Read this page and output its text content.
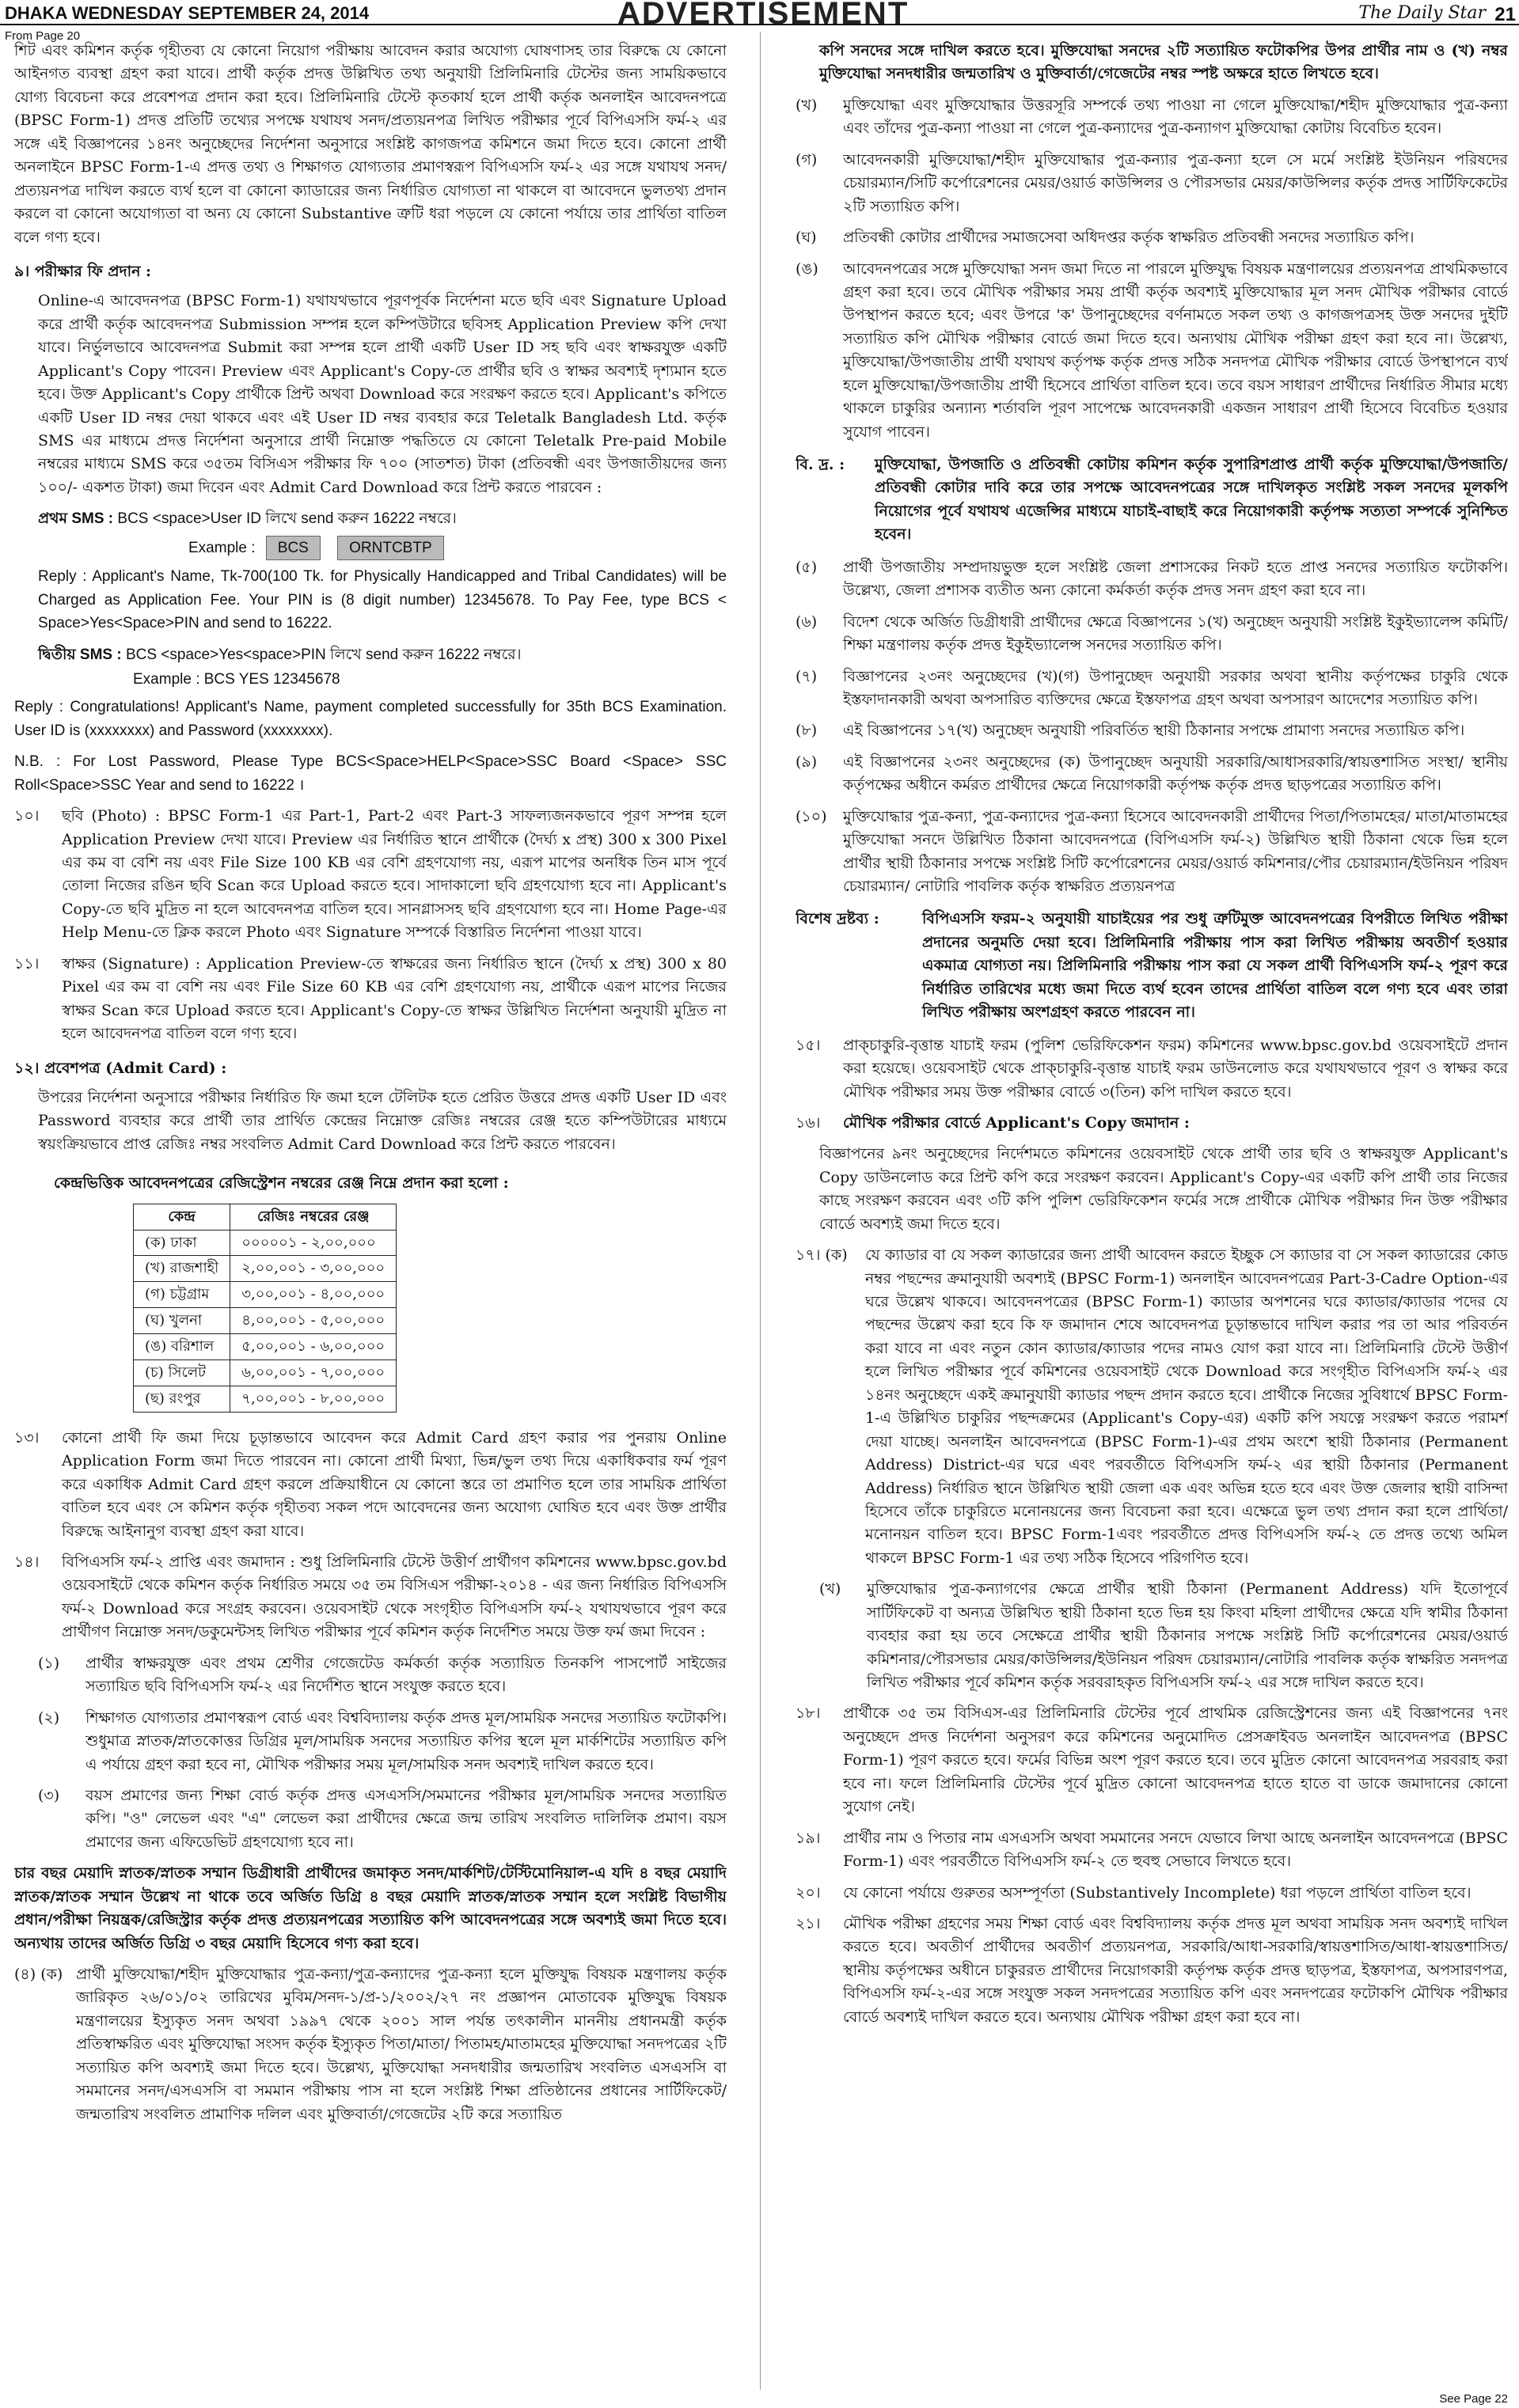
DHAKA WEDNESDAY SEPTEMBER 24, 2014	ADVERTISEMENT	The Daily Star 21
From Page 20

শিট এবং কমিশন কর্তৃক গৃহীতব্য যে কোনো নিয়োগ পরীক্ষায় আবেদন করার অযোগ্য ঘোষণাসহ তার বিরুদ্ধে যে কোনো আইনগত ব্যবস্থা গ্রহণ করা যাবে। প্রার্থী কর্তৃক প্রদত্ত উল্লিখিত তথ্য অনুযায়ী প্রিলিমিনারি টেস্টের জন্য সাময়িকভাবে যোগ্য বিবেচনা করে প্রবেশপত্র প্রদান করা হবে। প্রিলিমিনারি টেস্টে কৃতকার্য হলে প্রার্থী কর্তৃক অনলাইন আবেদনপত্রে (BPSC Form-1) প্রদত্ত প্রতিটি তথ্যের সপক্ষে যথাযথ সনদ/প্রত্যয়নপত্র লিখিত পরীক্ষার পূর্বে বিপিএসসি ফর্ম-২ এর সঙ্গে এই বিজ্ঞাপনের ১৪নং অনুচ্ছেদের নির্দেশনা অনুসারে সংশ্লিষ্ট কাগজপত্র কমিশনে জমা দিতে হবে। কোনো প্রার্থী অনলাইনে BPSC Form-1-এ প্রদত্ত তথ্য ও শিক্ষাগত যোগ্যতার প্রমাণস্বরূপ বিপিএসসি ফর্ম-২ এর সঙ্গে যথাযথ সনদ/প্রত্যয়নপত্র দাখিল করতে ব্যর্থ হলে বা কোনো ক্যাডারের জন্য নির্ধারিত যোগ্যতা না থাকলে বা আবেদনে ভুলতথ্য প্রদান করলে বা কোনো অযোগ্যতা বা অন্য যে কোনো Substantive ত্রুটি ধরা পড়লে যে কোনো পর্যায়ে তার প্রার্থিতা বাতিল বলে গণ্য হবে।

৯। পরীক্ষার ফি প্রদান :

Online-এ আবেদনপত্র (BPSC Form-1) যথাযথভাবে পূরণপূর্বক নির্দেশনা মতে ছবি এবং Signature Upload করে প্রার্থী কর্তৃক আবেদনপত্র Submission সম্পন্ন হলে কম্পিউটারে ছবিসহ Application Preview কপি দেখা যাবে। নির্ভুলভাবে আবেদনপত্র Submit করা সম্পন্ন হলে প্রার্থী একটি User ID সহ ছবি এবং স্বাক্ষরযুক্ত একটি Applicant's Copy পাবেন। Preview এবং Applicant's Copy-তে প্রার্থীর ছবি ও স্বাক্ষর অবশ্যই দৃশ্যমান হতে হবে। উক্ত Applicant's Copy প্রার্থীকে প্রিন্ট অথবা Download করে সংরক্ষণ করতে হবে। Applicant's কপিতে একটি User ID নম্বর দেয়া থাকবে এবং এই User ID নম্বর ব্যবহার করে Teletalk Bangladesh Ltd. কর্তৃক SMS এর মাধ্যমে প্রদত্ত নির্দেশনা অনুসারে প্রার্থী নিম্নোক্ত পদ্ধতিতে যে কোনো Teletalk Pre-paid Mobile নম্বরের মাধ্যমে SMS করে ৩৫তম বিসিএস পরীক্ষার ফি ৭০০ (সাতশত) টাকা (প্রতিবন্ধী এবং উপজাতীয়দের জন্য ১০০/- একশত টাকা) জমা দিবেন এবং Admit Card Download করে প্রিন্ট করতে পারবেন :

প্রথম SMS : BCS <space>User ID লিখে send করুন 16222 নম্বরে।
Example : BCS	ORNTCBTP

Reply : Applicant's Name, Tk-700(100 Tk. for Physically Handicapped and Tribal Candidates) will be Charged as Application Fee. Your PIN is (8 digit number) 12345678. To Pay Fee, type BCS < Space>Yes<Space>PIN and send to 16222.

দ্বিতীয় SMS : BCS <space>Yes<space>PIN লিখে send করুন 16222 নম্বরে।
Example : BCS YES 12345678

Reply : Congratulations! Applicant's Name, payment completed successfully for 35th BCS Examination. User ID is (xxxxxxxx) and Password (xxxxxxxx).

N.B. : For Lost Password, Please Type BCS<Space>HELP<Space>SSC Board <Space> SSC Roll<Space>SSC Year and send to 16222 ।

১০।	ছবি (Photo) : BPSC Form-1 এর Part-1, Part-2 এবং Part-3 সাফল্যজনকভাবে পূরণ সম্পন্ন হলে Application Preview দেখা যাবে। Preview এর নির্ধারিত স্থানে প্রার্থীকে (দৈর্ঘ্য x প্রস্থ) 300 x 300 Pixel এর কম বা বেশি নয় এবং File Size 100 KB এর বেশি গ্রহণযোগ্য নয়, এরূপ মাপের অনধিক তিন মাস পূর্বে তোলা নিজের রঙিন ছবি Scan করে Upload করতে হবে। সাদাকালো ছবি গ্রহণযোগ্য হবে না। Applicant's Copy-তে ছবি মুদ্রিত না হলে আবেদনপত্র বাতিল হবে। সানগ্লাসসহ ছবি গ্রহণযোগ্য হবে না। Home Page-এর Help Menu-তে ক্লিক করলে Photo এবং Signature সম্পর্কে বিস্তারিত নির্দেশনা পাওয়া যাবে।
১১।	স্বাক্ষর (Signature) : Application Preview-তে স্বাক্ষরের জন্য নির্ধারিত স্থানে (দৈর্ঘ্য x প্রস্থ) 300 x 80 Pixel এর কম বা বেশি নয় এবং File Size 60 KB এর বেশি গ্রহণযোগ্য নয়, প্রার্থীকে এরূপ মাপের নিজের স্বাক্ষর Scan করে Upload করতে হবে। Applicant's Copy-তে স্বাক্ষর উল্লিখিত নির্দেশনা অনুযায়ী মুদ্রিত না হলে আবেদনপত্র বাতিল বলে গণ্য হবে।
১২। প্রবেশপত্র (Admit Card) :

উপরের নির্দেশনা অনুসারে পরীক্ষার নির্ধারিত ফি জমা হলে টেলিটক হতে প্রেরিত উত্তরে প্রদত্ত একটি User ID এবং Password ব্যবহার করে প্রার্থী তার প্রার্থিত কেন্দ্রের নিম্নোক্ত রেজিঃ নম্বরের রেঞ্জ হতে কম্পিউটারের মাধ্যমে স্বয়ংক্রিয়ভাবে প্রাপ্ত রেজিঃ নম্বর সংবলিত Admit Card Download করে প্রিন্ট করতে পারবেন।

কেন্দ্রভিত্তিক আবেদনপত্রের রেজিস্ট্রেশন নম্বরের রেঞ্জ নিম্নে প্রদান করা হলো :
কেন্দ্র	রেজিঃ নম্বরের রেঞ্জ
(ক) ঢাকা	০০০০০১ - ২,০০,০০০
(খ) রাজশাহী	২,০০,০০১ - ৩,০০,০০০
(গ) চট্টগ্রাম	৩,০০,০০১ - ৪,০০,০০০
(ঘ) খুলনা	৪,০০,০০১ - ৫,০০,০০০
(ঙ) বরিশাল	৫,০০,০০১ - ৬,০০,০০০
(চ) সিলেট	৬,০০,০০১ - ৭,০০,০০০
(ছ) রংপুর	৭,০০,০০১ - ৮,০০,০০০
১৩।	কোনো প্রার্থী ফি জমা দিয়ে চূড়ান্তভাবে আবেদন করে Admit Card গ্রহণ করার পর পুনরায় Online Application Form জমা দিতে পারবেন না। কোনো প্রার্থী মিথ্যা, ভিন্ন/ভুল তথ্য দিয়ে একাধিকবার ফর্ম পূরণ করে একাধিক Admit Card গ্রহণ করলে প্রক্রিয়াধীনে যে কোনো স্তরে তা প্রমাণিত হলে তার সাময়িক প্রার্থিতা বাতিল হবে এবং সে কমিশন কর্তৃক গৃহীতব্য সকল পদে আবেদনের জন্য অযোগ্য ঘোষিত হবে এবং উক্ত প্রার্থীর বিরুদ্ধে আইনানুগ ব্যবস্থা গ্রহণ করা যাবে।
১৪।	বিপিএসসি ফর্ম-২ প্রাপ্তি এবং জমাদান : শুধু প্রিলিমিনারি টেস্টে উত্তীর্ণ প্রার্থীগণ কমিশনের www.bpsc.gov.bd ওয়েবসাইটে থেকে কমিশন কর্তৃক নির্ধারিত সময়ে ৩৫ তম বিসিএস পরীক্ষা-২০১৪ - এর জন্য নির্ধারিত বিপিএসসি ফর্ম-২ Download করে সংগ্রহ করবেন। ওয়েবসাইট থেকে সংগৃহীত বিপিএসসি ফর্ম-২ যথাযথভাবে পূরণ করে প্রার্থীগণ নিম্নোক্ত সনদ/ডকুমেন্টসহ লিখিত পরীক্ষার পূর্বে কমিশন কর্তৃক নির্দেশিত সময়ে উক্ত ফর্ম জমা দিবেন :
(১)	প্রার্থীর স্বাক্ষরযুক্ত এবং প্রথম শ্রেণীর গেজেটেড কর্মকর্তা কর্তৃক সত্যায়িত তিনকপি পাসপোর্ট সাইজের সত্যায়িত ছবি বিপিএসসি ফর্ম-২ এর নির্দেশিত স্থানে সংযুক্ত করতে হবে।
(২)	শিক্ষাগত যোগ্যতার প্রমাণস্বরূপ বোর্ড এবং বিশ্ববিদ্যালয় কর্তৃক প্রদত্ত মূল/সাময়িক সনদের সত্যায়িত ফটোকপি। শুধুমাত্র স্নাতক/স্নাতকোত্তর ডিগ্রির মূল/সাময়িক সনদের সত্যায়িত কপির স্থলে মূল মার্কশিটের সত্যায়িত কপি এ পর্যায়ে গ্রহণ করা হবে না, মৌখিক পরীক্ষার সময় মূল/সাময়িক সনদ অবশ্যই দাখিল করতে হবে।
(৩)	বয়স প্রমাণের জন্য শিক্ষা বোর্ড কর্তৃক প্রদত্ত এসএসসি/সমমানের পরীক্ষার মূল/সাময়িক সনদের সত্যায়িত কপি। "ও" লেভেল এবং "এ" লেভেল করা প্রার্থীদের ক্ষেত্রে জন্ম তারিখ সংবলিত দালিলিক প্রমাণ। বয়স প্রমাণের জন্য এফিডেভিট গ্রহণযোগ্য হবে না।

চার বছর মেয়াদি স্নাতক/স্নাতক সম্মান ডিগ্রীধারী প্রার্থীদের জমাকৃত সনদ/মার্কশিট/টেস্টিমোনিয়াল-এ যদি ৪ বছর মেয়াদি স্নাতক/স্নাতক সম্মান উল্লেখ না থাকে তবে অর্জিত ডিগ্রি ৪ বছর মেয়াদি স্নাতক/স্নাতক সম্মান হলে সংশ্লিষ্ট বিভাগীয় প্রধান/পরীক্ষা নিয়ন্ত্রক/রেজিস্ট্রার কর্তৃক প্রদত্ত প্রত্যয়নপত্রের সত্যায়িত কপি আবেদনপত্রের সঙ্গে অবশ্যই জমা দিতে হবে। অন্যথায় তাদের অর্জিত ডিগ্রি ৩ বছর মেয়াদি হিসেবে গণ্য করা হবে।

(৪) (ক) প্রার্থী মুক্তিযোদ্ধা/শহীদ মুক্তিযোদ্ধার পুত্র-কন্যা/পুত্র-কন্যাদের পুত্র-কন্যা হলে মুক্তিযুদ্ধ বিষয়ক মন্ত্রণালয় কর্তৃক জারিকৃত ২৬/০১/০২ তারিখের মুবিম/সনদ-১/প্র-১/২০০২/২৭ নং প্রজ্ঞাপন মোতাবেক মুক্তিযুদ্ধ বিষয়ক মন্ত্রণালয়ের ইস্যুকৃত সনদ অথবা ১৯৯৭ থেকে ২০০১ সাল পর্যন্ত তৎকালীন মাননীয় প্রধানমন্ত্রী কর্তৃক প্রতিস্বাক্ষরিত এবং মুক্তিযোদ্ধা সংসদ কর্তৃক ইস্যুকৃত পিতা/মাতা/ পিতামহ/মাতামহের মুক্তিযোদ্ধা সনদপত্রের ২টি সত্যায়িত কপি অবশ্যই জমা দিতে হবে। উল্লেখ্য, মুক্তিযোদ্ধা সনদধারীর জন্মতারিখ সংবলিত এসএসসি বা সমমানের সনদ/এসএসসি বা সমমান পরীক্ষায় পাস না হলে সংশ্লিষ্ট শিক্ষা প্রতিষ্ঠানের প্রধানের সার্টিফিকেট/জন্মতারিখ সংবলিত প্রামাণিক দলিল এবং মুক্তিবার্তা/গেজেটের ২টি করে সত্যায়িত

কপি সনদের সঙ্গে দাখিল করতে হবে। মুক্তিযোদ্ধা সনদের ২টি সত্যায়িত ফটোকপির উপর প্রার্থীর নাম ও (খ) নম্বর মুক্তিযোদ্ধা সনদধারীর জন্মতারিখ ও মুক্তিবার্তা/গেজেটের নম্বর স্পষ্ট অক্ষরে হাতে লিখতে হবে।

(খ)	মুক্তিযোদ্ধা এবং মুক্তিযোদ্ধার উত্তরসূরি সম্পর্কে তথ্য পাওয়া না গেলে মুক্তিযোদ্ধা/শহীদ মুক্তিযোদ্ধার পুত্র-কন্যা এবং তাঁদের পুত্র-কন্যা পাওয়া না গেলে পুত্র-কন্যাদের পুত্র-কন্যাগণ মুক্তিযোদ্ধা কোটায় বিবেচিত হবেন।
(গ)	আবেদনকারী মুক্তিযোদ্ধা/শহীদ মুক্তিযোদ্ধার পুত্র-কন্যার পুত্র-কন্যা হলে সে মর্মে সংশ্লিষ্ট ইউনিয়ন পরিষদের চেয়ারম্যান/সিটি কর্পোরেশনের মেয়র/ওয়ার্ড কাউন্সিলর ও পৌরসভার মেয়র/কাউন্সিলর কর্তৃক প্রদত্ত সার্টিফিকেটের ২টি সত্যায়িত কপি।
(ঘ)	প্রতিবন্ধী কোটার প্রার্থীদের সমাজসেবা অধিদপ্তর কর্তৃক স্বাক্ষরিত প্রতিবন্ধী সনদের সত্যায়িত কপি।
(ঙ)	আবেদনপত্রের সঙ্গে মুক্তিযোদ্ধা সনদ জমা দিতে না পারলে মুক্তিযুদ্ধ বিষয়ক মন্ত্রণালয়ের প্রত্যয়নপত্র প্রাথমিকভাবে গ্রহণ করা হবে। তবে মৌখিক পরীক্ষার সময় প্রার্থী কর্তৃক অবশ্যই মুক্তিযোদ্ধার মূল সনদ মৌখিক পরীক্ষার বোর্ডে উপস্থাপন করতে হবে; এবং উপরে 'ক' উপানুচ্ছেদের বর্ণনামতে সকল তথ্য ও কাগজপত্রসহ উক্ত সনদের দুইটি সত্যায়িত কপি মৌখিক পরীক্ষার বোর্ডে জমা দিতে হবে। অন্যথায় মৌখিক পরীক্ষা গ্রহণ করা হবে না। উল্লেখ্য, মুক্তিযোদ্ধা/উপজাতীয় প্রার্থী যথাযথ কর্তৃপক্ষ কর্তৃক প্রদত্ত সঠিক সনদপত্র মৌখিক পরীক্ষার বোর্ডে উপস্থাপনে ব্যর্থ হলে মুক্তিযোদ্ধা/উপজাতীয় প্রার্থী হিসেবে প্রার্থিতা বাতিল হবে। তবে বয়স সাধারণ প্রার্থীদের নির্ধারিত সীমার মধ্যে থাকলে চাকুরির অন্যান্য শর্তাবলি পূরণ সাপেক্ষে আবেদনকারী একজন সাধারণ প্রার্থী হিসেবে বিবেচিত হওয়ার সুযোগ পাবেন।
বি. দ্র. :	মুক্তিযোদ্ধা, উপজাতি ও প্রতিবন্ধী কোটায় কমিশন কর্তৃক সুপারিশপ্রাপ্ত প্রার্থী কর্তৃক মুক্তিযোদ্ধা/উপজাতি/প্রতিবন্ধী কোটার দাবি করে তার সপক্ষে আবেদনপত্রের সঙ্গে দাখিলকৃত সংশ্লিষ্ট সকল সনদের মূলকপি নিয়োগের পূর্বে যথাযথ এজেন্সির মাধ্যমে যাচাই-বাছাই করে নিয়োগকারী কর্তৃপক্ষ সত্যতা সম্পর্কে সুনিশ্চিত হবেন।
(৫)	প্রার্থী উপজাতীয় সম্প্রদায়ভুক্ত হলে সংশ্লিষ্ট জেলা প্রশাসকের নিকট হতে প্রাপ্ত সনদের সত্যায়িত ফটোকপি। উল্লেখ্য, জেলা প্রশাসক ব্যতীত অন্য কোনো কর্মকর্তা কর্তৃক প্রদত্ত সনদ গ্রহণ করা হবে না।
(৬)	বিদেশ থেকে অর্জিত ডিগ্রীধারী প্রার্থীদের ক্ষেত্রে বিজ্ঞাপনের ১(খ) অনুচ্ছেদ অনুযায়ী সংশ্লিষ্ট ইকুইভ্যালেন্স কমিটি/শিক্ষা মন্ত্রণালয় কর্তৃক প্রদত্ত ইকুইভ্যালেন্স সনদের সত্যায়িত কপি।
(৭)	বিজ্ঞাপনের ২৩নং অনুচ্ছেদের (খ)(গ) উপানুচ্ছেদ অনুযায়ী সরকার অথবা স্থানীয় কর্তৃপক্ষের চাকুরি থেকে ইস্তফাদানকারী অথবা অপসারিত ব্যক্তিদের ক্ষেত্রে ইস্তফাপত্র গ্রহণ অথবা অপসারণ আদেশের সত্যায়িত কপি।
(৮)	এই বিজ্ঞাপনের ১৭(খ) অনুচ্ছেদ অনুযায়ী পরিবর্তিত স্থায়ী ঠিকানার সপক্ষে প্রামাণ্য সনদের সত্যায়িত কপি।
(৯)	এই বিজ্ঞাপনের ২৩নং অনুচ্ছেদের (ক) উপানুচ্ছেদ অনুযায়ী সরকারি/আধাসরকারি/স্বায়ত্তশাসিত সংস্থা/ স্থানীয় কর্তৃপক্ষের অধীনে কর্মরত প্রার্থীদের ক্ষেত্রে নিয়োগকারী কর্তৃপক্ষ কর্তৃক প্রদত্ত ছাড়পত্রের সত্যায়িত কপি।
(১০)	মুক্তিযোদ্ধার পুত্র-কন্যা, পুত্র-কন্যাদের পুত্র-কন্যা হিসেবে আবেদনকারী প্রার্থীদের পিতা/পিতামহের/ মাতা/মাতামহের মুক্তিযোদ্ধা সনদে উল্লিখিত ঠিকানা আবেদনপত্রে (বিপিএসসি ফর্ম-২) উল্লিখিত স্থায়ী ঠিকানা থেকে ভিন্ন হলে প্রার্থীর স্থায়ী ঠিকানার সপক্ষে সংশ্লিষ্ট সিটি কর্পোরেশনের মেয়র/ওয়ার্ড কমিশনার/পৌর চেয়ারম্যান/ইউনিয়ন পরিষদ চেয়ারম্যান/ নোটারি পাবলিক কর্তৃক স্বাক্ষরিত প্রত্যয়নপত্র
বিশেষ দ্রষ্টব্য :	বিপিএসসি ফরম-২ অনুযায়ী যাচাইয়ের পর শুধু ত্রুটিমুক্ত আবেদনপত্রের বিপরীতে লিখিত পরীক্ষা প্রদানের অনুমতি দেয়া হবে। প্রিলিমিনারি পরীক্ষায় পাস করা লিখিত পরীক্ষায় অবতীর্ণ হওয়ার একমাত্র যোগ্যতা নয়। প্রিলিমিনারি পরীক্ষায় পাস করা যে সকল প্রার্থী বিপিএসসি ফর্ম-২ পূরণ করে নির্ধারিত তারিখের মধ্যে জমা দিতে ব্যর্থ হবেন তাদের প্রার্থিতা বাতিল বলে গণ্য হবে এবং তারা লিখিত পরীক্ষায় অংশগ্রহণ করতে পারবেন না।
১৫।	প্রাক্চাকুরি-বৃত্তান্ত যাচাই ফরম (পুলিশ ভেরিফিকেশন ফরম) কমিশনের www.bpsc.gov.bd ওয়েবসাইটে প্রদান করা হয়েছে। ওয়েবসাইট থেকে প্রাক্চাকুরি-বৃত্তান্ত যাচাই ফরম ডাউনলোড করে যথাযথভাবে পূরণ ও স্বাক্ষর করে মৌখিক পরীক্ষার সময় উক্ত পরীক্ষার বোর্ডে ৩(তিন) কপি দাখিল করতে হবে।
১৬।	মৌখিক পরীক্ষার বোর্ডে Applicant's Copy জমাদান :

বিজ্ঞাপনের ৯নং অনুচ্ছেদের নির্দেশমতে কমিশনের ওয়েবসাইট থেকে প্রার্থী তার ছবি ও স্বাক্ষরযুক্ত Applicant's Copy ডাউনলোড করে প্রিন্ট কপি করে সংরক্ষণ করবেন। Applicant's Copy-এর একটি কপি প্রার্থী তার নিজের কাছে সংরক্ষণ করবেন এবং ৩টি কপি পুলিশ ভেরিফিকেশন ফর্মের সঙ্গে প্রার্থীকে মৌখিক পরীক্ষার দিন উক্ত পরীক্ষার বোর্ডে অবশ্যই জমা দিতে হবে।

১৭। (ক)	যে ক্যাডার বা যে সকল ক্যাডারের জন্য প্রার্থী আবেদন করতে ইচ্ছুক সে ক্যাডার বা সে সকল ক্যাডারের কোড নম্বর পছন্দের ক্রমানুযায়ী অবশ্যই (BPSC Form-1) অনলাইন আবেদনপত্রের Part-3-Cadre Option-এর ঘরে উল্লেখ থাকবে। আবেদনপত্রের (BPSC Form-1) ক্যাডার অপশনের ঘরে ক্যাডার/ক্যাডার পদের যে পছন্দের উল্লেখ করা হবে কি ফ জমাদান শেষে আবেদনপত্র চূড়ান্তভাবে দাখিল করার পর তা আর পরিবর্তন করা যাবে না এবং নতুন কোন ক্যাডার/ক্যাডার পদের নামও যোগ করা যাবে না। প্রিলিমিনারি টেস্টে উত্তীর্ণ হলে লিখিত পরীক্ষার পূর্বে কমিশনের ওয়েবসাইট থেকে Download করে সংগৃহীত বিপিএসসি ফর্ম-২ এর ১৪নং অনুচ্ছেদে একই ক্রমানুযায়ী ক্যাডার পছন্দ প্রদান করতে হবে। প্রার্থীকে নিজের সুবিধার্থে BPSC Form-1-এ উল্লিখিত চাকুরির পছন্দক্রমের (Applicant's Copy-এর) একটি কপি সযত্নে সংরক্ষণ করতে পরামর্শ দেয়া যাচ্ছে। অনলাইন আবেদনপত্রে (BPSC Form-1)-এর প্রথম অংশে স্থায়ী ঠিকানার (Permanent Address) District-এর ঘরে এবং পরবর্তীতে বিপিএসসি ফর্ম-২ এর স্থায়ী ঠিকানার (Permanent Address) নির্ধারিত স্থানে উল্লিখিত স্থায়ী জেলা এক এবং অভিন্ন হতে হবে এবং উক্ত জেলার স্থায়ী বাসিন্দা হিসেবে তাঁকে চাকুরিতে মনোনয়নের জন্য বিবেচনা করা হবে। এক্ষেত্রে ভুল তথ্য প্রদান করা হলে প্রার্থিতা/মনোনয়ন বাতিল হবে। BPSC Form-1এবং পরবর্তীতে প্রদত্ত বিপিএসসি ফর্ম-২ তে প্রদত্ত তথ্যে অমিল থাকলে BPSC Form-1 এর তথ্য সঠিক হিসেবে পরিগণিত হবে।
(খ)	মুক্তিযোদ্ধার পুত্র-কন্যাগণের ক্ষেত্রে প্রার্থীর স্থায়ী ঠিকানা (Permanent Address) যদি ইতোপূর্বে সার্টিফিকেট বা অন্যত্র উল্লিখিত স্থায়ী ঠিকানা হতে ভিন্ন হয় কিংবা মহিলা প্রার্থীদের ক্ষেত্রে যদি স্বামীর ঠিকানা ব্যবহার করা হয় তবে সেক্ষেত্রে প্রার্থীর স্থায়ী ঠিকানার সপক্ষে সংশ্লিষ্ট সিটি কর্পোরেশনের মেয়র/ওয়ার্ড কমিশনার/পৌরসভার মেয়র/কাউন্সিলর/ইউনিয়ন পরিষদ চেয়ারম্যান/নোটারি পাবলিক কর্তৃক স্বাক্ষরিত সনদপত্র লিখিত পরীক্ষার পূর্বে কমিশন কর্তৃক সরবরাহকৃত বিপিএসসি ফর্ম-২ এর সঙ্গে দাখিল করতে হবে।
১৮।	প্রার্থীকে ৩৫ তম বিসিএস-এর প্রিলিমিনারি টেস্টের পূর্বে প্রাথমিক রেজিস্ট্রেশনের জন্য এই বিজ্ঞাপনের ৭নং অনুচ্ছেদে প্রদত্ত নির্দেশনা অনুসরণ করে কমিশনের অনুমোদিত প্রেসক্রাইবড অনলাইন আবেদনপত্র (BPSC Form-1) পূরণ করতে হবে। ফর্মের বিভিন্ন অংশ পূরণ করতে হবে। তবে মুদ্রিত কোনো আবেদনপত্র সরবরাহ করা হবে না। ফলে প্রিলিমিনারি টেস্টের পূর্বে মুদ্রিত কোনো আবেদনপত্র হাতে হাতে বা ডাকে জমাদানের কোনো সুযোগ নেই।
১৯।	প্রার্থীর নাম ও পিতার নাম এসএসসি অথবা সমমানের সনদে যেভাবে লিখা আছে অনলাইন আবেদনপত্রে (BPSC Form-1) এবং পরবর্তীতে বিপিএসসি ফর্ম-২ তে হুবহু সেভাবে লিখতে হবে।
২০।	যে কোনো পর্যায়ে গুরুতর অসম্পূর্ণতা (Substantively Incomplete) ধরা পড়লে প্রার্থিতা বাতিল হবে।
২১।	মৌখিক পরীক্ষা গ্রহণের সময় শিক্ষা বোর্ড এবং বিশ্ববিদ্যালয় কর্তৃক প্রদত্ত মূল অথবা সাময়িক সনদ অবশ্যই দাখিল করতে হবে। অবতীর্ণ প্রার্থীদের অবতীর্ণ প্রত্যয়নপত্র, সরকারি/আধা-সরকারি/স্বায়ত্তশাসিত/আধা-স্বায়ত্তশাসিত/স্থানীয় কর্তৃপক্ষের অধীনে চাকুররত প্রার্থীদের নিয়োগকারী কর্তৃপক্ষ কর্তৃক প্রদত্ত ছাড়পত্র, ইস্তফাপত্র, অপসারণপত্র, বিপিএসসি ফর্ম-২-এর সঙ্গে সংযুক্ত সকল সনদপত্রের সত্যায়িত কপি এবং সনদপত্রের ফটোকপি মৌখিক পরীক্ষার বোর্ডে অবশ্যই দাখিল করতে হবে। অন্যথায় মৌখিক পরীক্ষা গ্রহণ করা হবে না।
See Page 22
